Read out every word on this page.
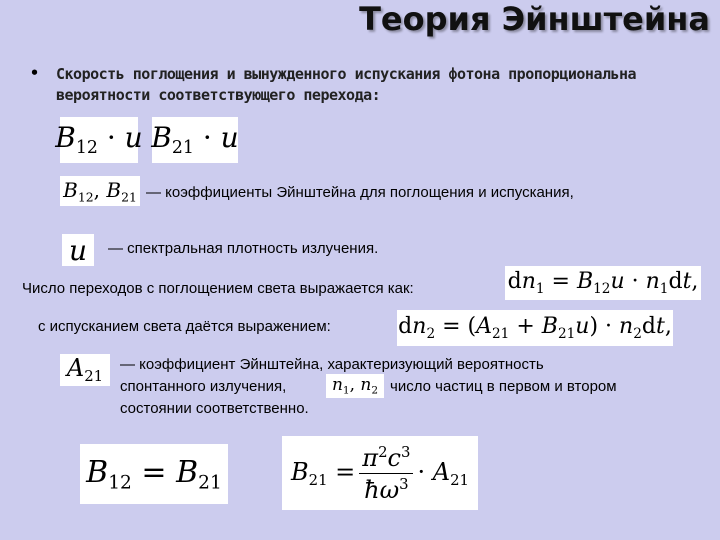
Теория Эйнштейна
• Скорость поглощения и вынужденного испускания фотона пропорциональна вероятности соответствующего перехода:
$B_{12} \cdot u$ $B_{21} \cdot u$
$B_{12}$, $B_{21}$ — коэффициенты Эйнштейна для поглощения и испускания,
u — спектральная плотность излучения.
Число переходов с поглощением света выражается как:	$dn_1 = B_{12}u \cdot n_1dt$,
с испусканием света даётся выражением:	$dn_2 = (A_{21} + B_{21}u) \cdot n_2dt$,
$A_{21}$
— коэффициент Эйнштейна, характеризующий вероятность
спонтанного излучения,	$n_1$, $n_2$ число частиц в первом и втором
состоянии соответственно.
$B_{12} = B_{21}$	$B_{21} = \frac{\pi^2c^3}{ħ\omega^3} \cdot A_{21}$
